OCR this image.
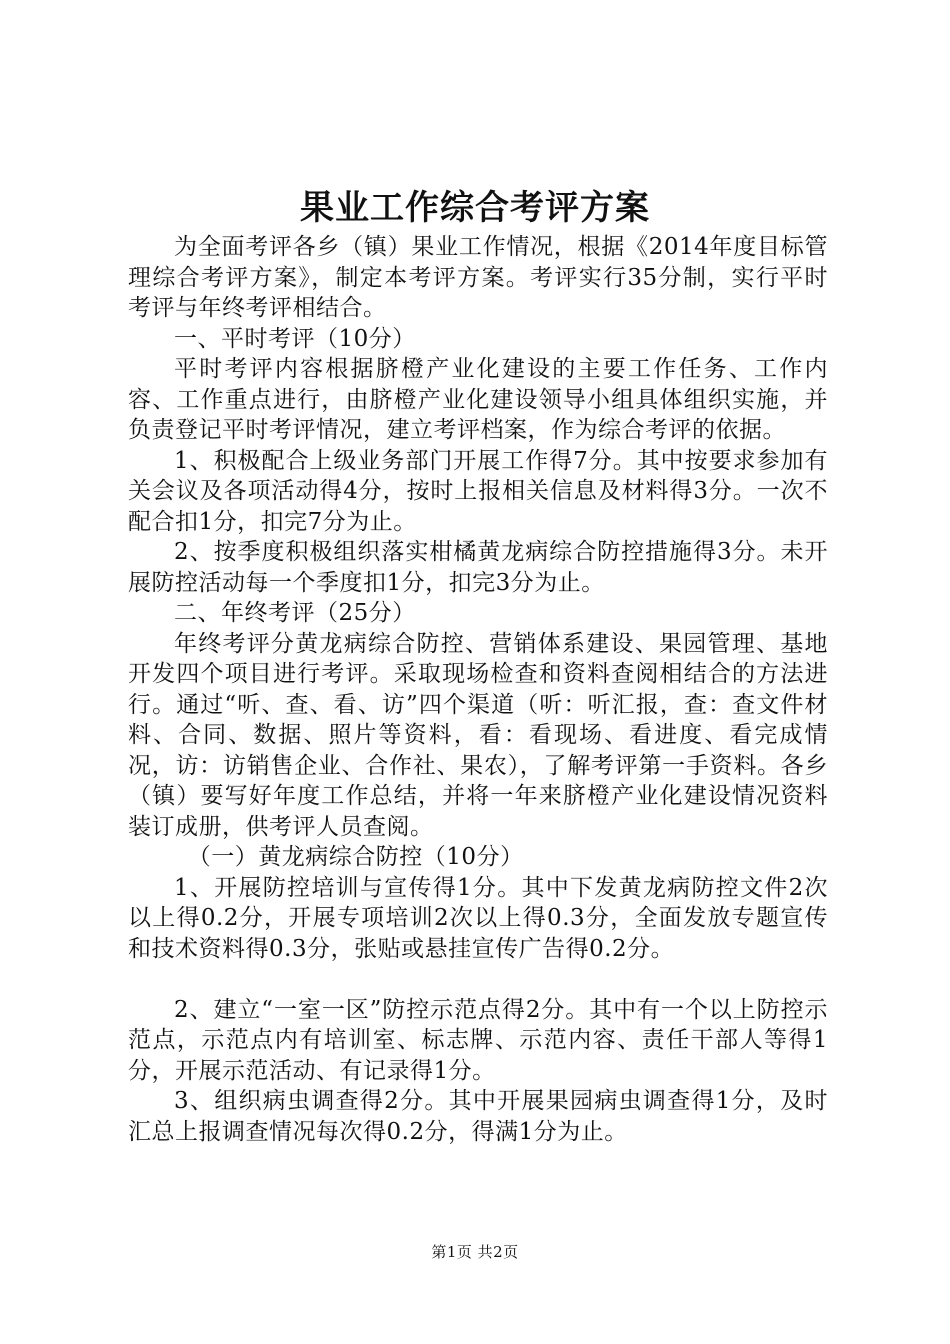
果业工作综合考评方案

为全面考评各乡（镇）果业工作情况，根据《2014年度目标管理综合考评方案》，制定本考评方案。考评实行35分制，实行平时考评与年终考评相结合。

一、平时考评（10分）

平时考评内容根据脐橙产业化建设的主要工作任务、工作内容、工作重点进行，由脐橙产业化建设领导小组具体组织实施，并负责登记平时考评情况，建立考评档案，作为综合考评的依据。

1、积极配合上级业务部门开展工作得7分。其中按要求参加有关会议及各项活动得4分，按时上报相关信息及材料得3分。一次不配合扣1分，扣完7分为止。

2、按季度积极组织落实柑橘黄龙病综合防控措施得3分。未开展防控活动每一个季度扣1分，扣完3分为止。

二、年终考评（25分）

年终考评分黄龙病综合防控、营销体系建设、果园管理、基地开发四个项目进行考评。采取现场检查和资料查阅相结合的方法进行。通过“听、查、看、访”四个渠道（听：听汇报，查：查文件材料、合同、数据、照片等资料，看：看现场、看进度、看完成情况，访：访销售企业、合作社、果农），了解考评第一手资料。各乡（镇）要写好年度工作总结，并将一年来脐橙产业化建设情况资料装订成册，供考评人员查阅。

（一）黄龙病综合防控（10分）

1、开展防控培训与宣传得1分。其中下发黄龙病防控文件2次以上得0.2分，开展专项培训2次以上得0.3分，全面发放专题宣传和技术资料得0.3分，张贴或悬挂宣传广告得0.2分。

2、建立“一室一区”防控示范点得2分。其中有一个以上防控示范点，示范点内有培训室、标志牌、示范内容、责任干部人等得1分，开展示范活动、有记录得1分。

3、组织病虫调查得2分。其中开展果园病虫调查得1分，及时汇总上报调查情况每次得0.2分，得满1分为止。

第1页 共2页
